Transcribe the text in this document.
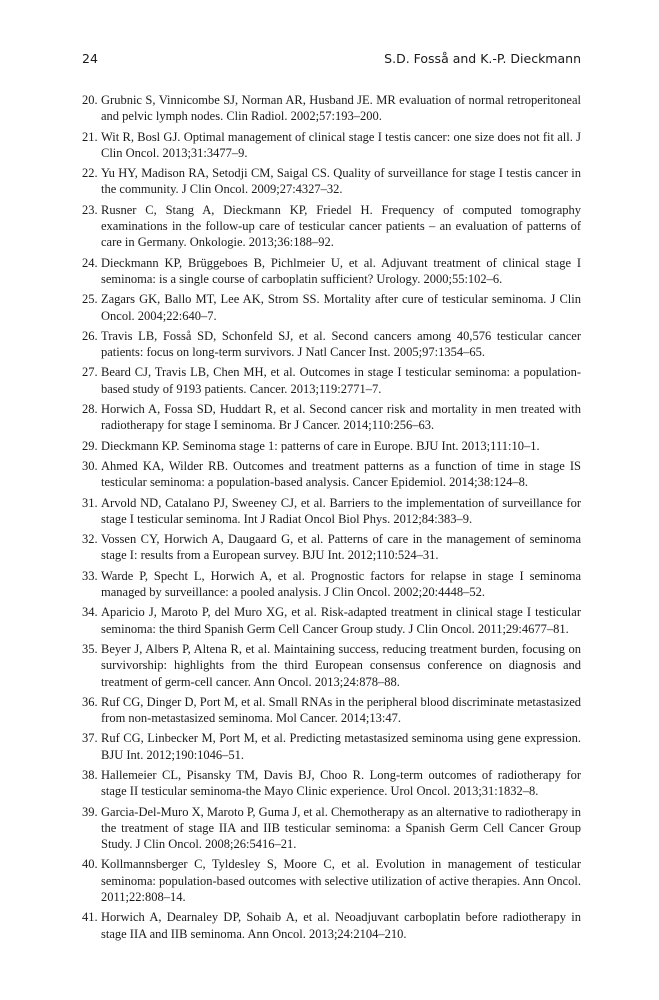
24	S.D. Fosså and K.-P. Dieckmann
20. Grubnic S, Vinnicombe SJ, Norman AR, Husband JE. MR evaluation of normal retroperitoneal and pelvic lymph nodes. Clin Radiol. 2002;57:193–200.
21. Wit R, Bosl GJ. Optimal management of clinical stage I testis cancer: one size does not fit all. J Clin Oncol. 2013;31:3477–9.
22. Yu HY, Madison RA, Setodji CM, Saigal CS. Quality of surveillance for stage I testis cancer in the community. J Clin Oncol. 2009;27:4327–32.
23. Rusner C, Stang A, Dieckmann KP, Friedel H. Frequency of computed tomography examinations in the follow-up care of testicular cancer patients – an evaluation of patterns of care in Germany. Onkologie. 2013;36:188–92.
24. Dieckmann KP, Brüggeboes B, Pichlmeier U, et al. Adjuvant treatment of clinical stage I seminoma: is a single course of carboplatin sufficient? Urology. 2000;55:102–6.
25. Zagars GK, Ballo MT, Lee AK, Strom SS. Mortality after cure of testicular seminoma. J Clin Oncol. 2004;22:640–7.
26. Travis LB, Fosså SD, Schonfeld SJ, et al. Second cancers among 40,576 testicular cancer patients: focus on long-term survivors. J Natl Cancer Inst. 2005;97:1354–65.
27. Beard CJ, Travis LB, Chen MH, et al. Outcomes in stage I testicular seminoma: a population-based study of 9193 patients. Cancer. 2013;119:2771–7.
28. Horwich A, Fossa SD, Huddart R, et al. Second cancer risk and mortality in men treated with radiotherapy for stage I seminoma. Br J Cancer. 2014;110:256–63.
29. Dieckmann KP. Seminoma stage 1: patterns of care in Europe. BJU Int. 2013;111:10–1.
30. Ahmed KA, Wilder RB. Outcomes and treatment patterns as a function of time in stage IS testicular seminoma: a population-based analysis. Cancer Epidemiol. 2014;38:124–8.
31. Arvold ND, Catalano PJ, Sweeney CJ, et al. Barriers to the implementation of surveillance for stage I testicular seminoma. Int J Radiat Oncol Biol Phys. 2012;84:383–9.
32. Vossen CY, Horwich A, Daugaard G, et al. Patterns of care in the management of seminoma stage I: results from a European survey. BJU Int. 2012;110:524–31.
33. Warde P, Specht L, Horwich A, et al. Prognostic factors for relapse in stage I seminoma managed by surveillance: a pooled analysis. J Clin Oncol. 2002;20:4448–52.
34. Aparicio J, Maroto P, del Muro XG, et al. Risk-adapted treatment in clinical stage I testicular seminoma: the third Spanish Germ Cell Cancer Group study. J Clin Oncol. 2011;29:4677–81.
35. Beyer J, Albers P, Altena R, et al. Maintaining success, reducing treatment burden, focusing on survivorship: highlights from the third European consensus conference on diagnosis and treatment of germ-cell cancer. Ann Oncol. 2013;24:878–88.
36. Ruf CG, Dinger D, Port M, et al. Small RNAs in the peripheral blood discriminate metastasized from non-metastasized seminoma. Mol Cancer. 2014;13:47.
37. Ruf CG, Linbecker M, Port M, et al. Predicting metastasized seminoma using gene expression. BJU Int. 2012;190:1046–51.
38. Hallemeier CL, Pisansky TM, Davis BJ, Choo R. Long-term outcomes of radiotherapy for stage II testicular seminoma-the Mayo Clinic experience. Urol Oncol. 2013;31:1832–8.
39. Garcia-Del-Muro X, Maroto P, Guma J, et al. Chemotherapy as an alternative to radiotherapy in the treatment of stage IIA and IIB testicular seminoma: a Spanish Germ Cell Cancer Group Study. J Clin Oncol. 2008;26:5416–21.
40. Kollmannsberger C, Tyldesley S, Moore C, et al. Evolution in management of testicular seminoma: population-based outcomes with selective utilization of active therapies. Ann Oncol. 2011;22:808–14.
41. Horwich A, Dearnaley DP, Sohaib A, et al. Neoadjuvant carboplatin before radiotherapy in stage IIA and IIB seminoma. Ann Oncol. 2013;24:2104–210.
